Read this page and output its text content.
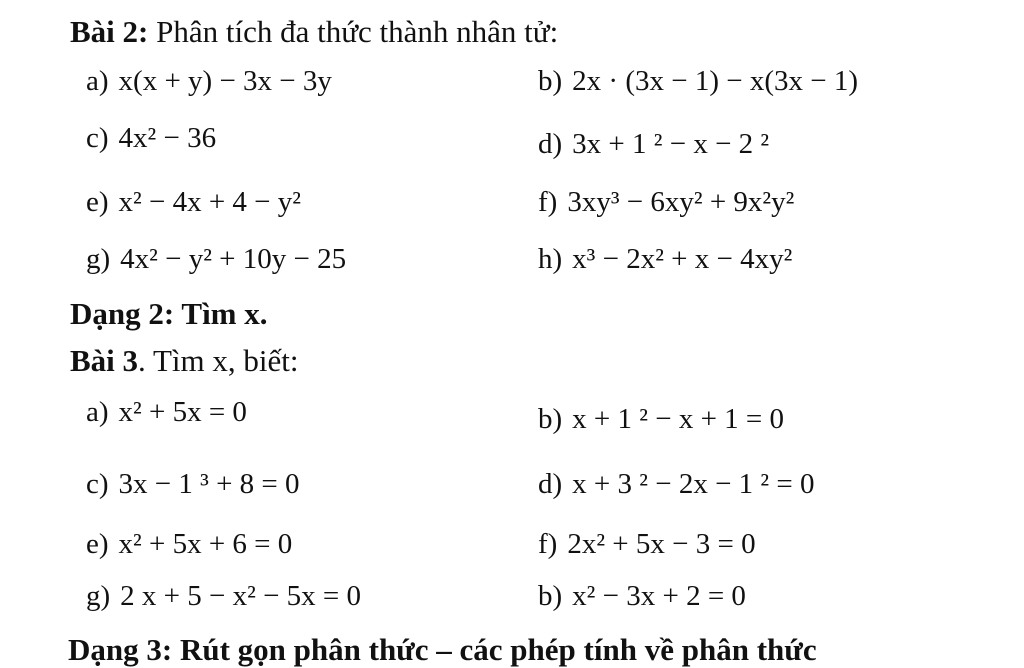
Bài 2: Phân tích đa thức thành nhân tử:
a) x(x + y) − 3x − 3y	b) 2x · (3x − 1) − x(3x − 1)
c) 4x² − 36	d) 3x + 1 ² − x − 2 ²
e) x² − 4x + 4 − y²	f) 3xy³ − 6xy² + 9x²y²
g) 4x² − y² + 10y − 25	h) x³ − 2x² + x − 4xy²
Dạng 2: Tìm x.
Bài 3. Tìm x, biết:
a) x² + 5x = 0	b) x + 1 ² − x + 1 = 0
c) 3x − 1 ³ + 8 = 0	d) x + 3 ² − 2x − 1 ² = 0
e) x² + 5x + 6 = 0	f) 2x² + 5x − 3 = 0
g) 2 x + 5 − x² − 5x = 0	b) x² − 3x + 2 = 0
Dạng 3: Rút gọn phân thức – các phép tính về phân thức
